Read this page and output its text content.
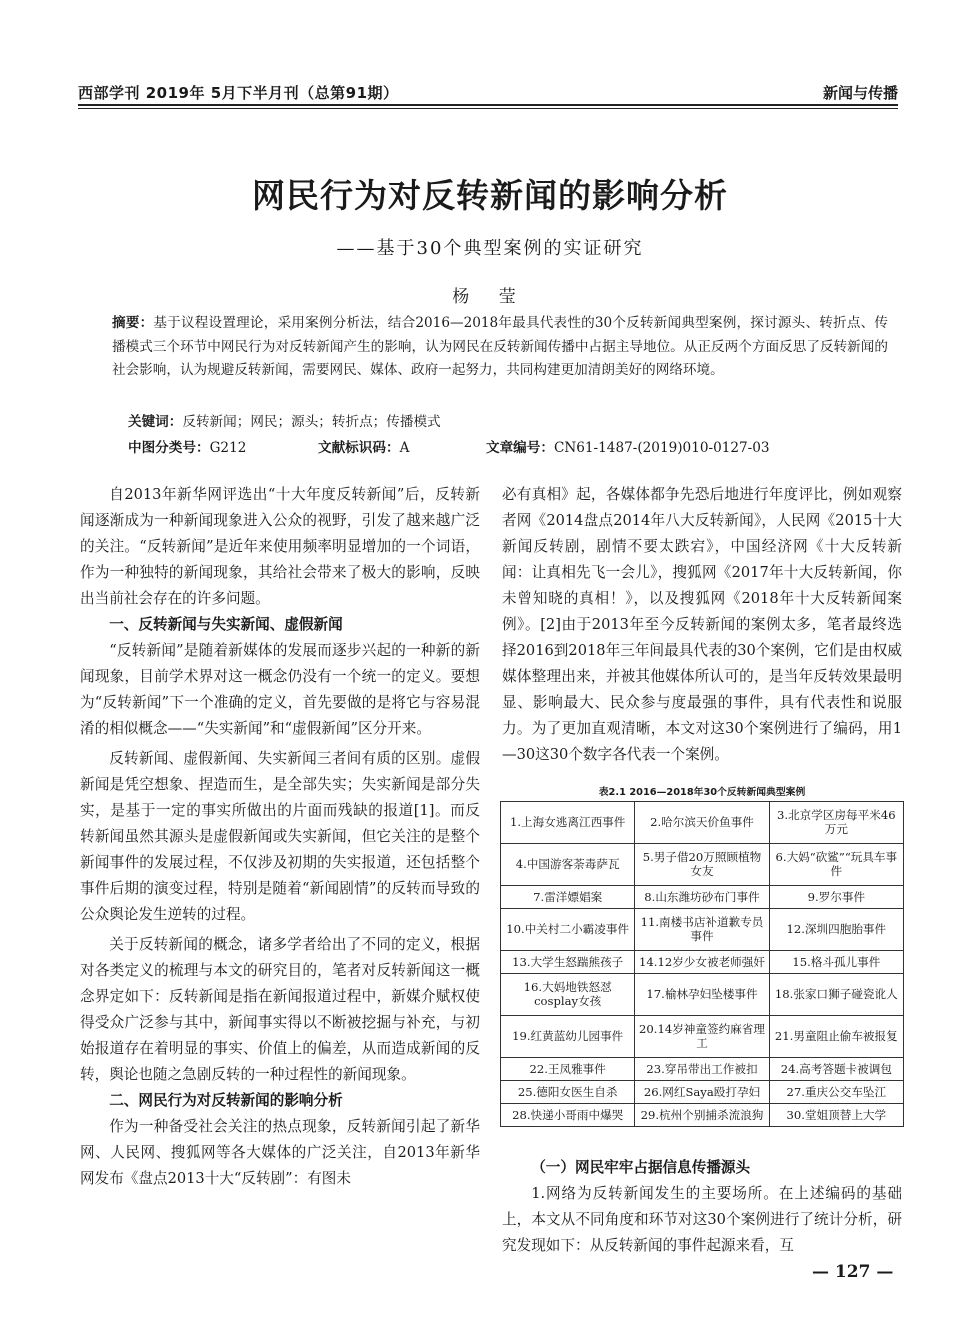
西部学刊 2019年 5月下半月刊（总第91期）	新闻与传播
网民行为对反转新闻的影响分析
——基于30个典型案例的实证研究
杨 莹
摘要：基于议程设置理论，采用案例分析法，结合2016—2018年最具代表性的30个反转新闻典型案例，探讨源头、转折点、传播模式三个环节中网民行为对反转新闻产生的影响，认为网民在反转新闻传播中占据主导地位。从正反两个方面反思了反转新闻的社会影响，认为规避反转新闻，需要网民、媒体、政府一起努力，共同构建更加清朗美好的网络环境。
关键词：反转新闻；网民；源头；转折点；传播模式
中图分类号：G212	文献标识码：A	文章编号：CN61-1487-(2019)010-0127-03

自2013年新华网评选出“十大年度反转新闻”后，反转新闻逐渐成为一种新闻现象进入公众的视野，引发了越来越广泛的关注。“反转新闻”是近年来使用频率明显增加的一个词语，作为一种独特的新闻现象，其给社会带来了极大的影响，反映出当前社会存在的许多问题。

一、反转新闻与失实新闻、虚假新闻

“反转新闻”是随着新媒体的发展而逐步兴起的一种新的新闻现象，目前学术界对这一概念仍没有一个统一的定义。要想为“反转新闻”下一个准确的定义，首先要做的是将它与容易混淆的相似概念——“失实新闻”和“虚假新闻”区分开来。

反转新闻、虚假新闻、失实新闻三者间有质的区别。虚假新闻是凭空想象、捏造而生，是全部失实；失实新闻是部分失实，是基于一定的事实所做出的片面而残缺的报道[1]。而反转新闻虽然其源头是虚假新闻或失实新闻，但它关注的是整个新闻事件的发展过程，不仅涉及初期的失实报道，还包括整个事件后期的演变过程，特别是随着“新闻剧情”的反转而导致的公众舆论发生逆转的过程。

关于反转新闻的概念，诸多学者给出了不同的定义，根据对各类定义的梳理与本文的研究目的，笔者对反转新闻这一概念界定如下：反转新闻是指在新闻报道过程中，新媒介赋权使得受众广泛参与其中，新闻事实得以不断被挖掘与补充，与初始报道存在着明显的事实、价值上的偏差，从而造成新闻的反转，舆论也随之急剧反转的一种过程性的新闻现象。

二、网民行为对反转新闻的影响分析

作为一种备受社会关注的热点现象，反转新闻引起了新华网、人民网、搜狐网等各大媒体的广泛关注，自2013年新华网发布《盘点2013十大“反转剧”：有图未

必有真相》起，各媒体都争先恐后地进行年度评比，例如观察者网《2014盘点2014年八大反转新闻》，人民网《2015十大新闻反转剧，剧情不要太跌宕》，中国经济网《十大反转新闻：让真相先飞一会儿》，搜狐网《2017年十大反转新闻，你未曾知晓的真相！》，以及搜狐网《2018年十大反转新闻案例》。[2]由于2013年至今反转新闻的案例太多，笔者最终选择2016到2018年三年间最具代表的30个案例，它们是由权威媒体整理出来，并被其他媒体所认可的，是当年反转效果最明显、影响最大、民众参与度最强的事件，具有代表性和说服力。为了更加直观清晰，本文对这30个案例进行了编码，用1—30这30个数字各代表一个案例。

表2.1 2016—2018年30个反转新闻典型案例
1.上海女逃离江西事件	2.哈尔滨天价鱼事件	3.北京学区房每平米46万元
4.中国游客荼毒萨瓦	5.男子借20万照顾植物女友	6.大妈“砍鲨”“玩具车事件
7.雷洋嫖娼案	8.山东潍坊砂布门事件	9.罗尔事件
10.中关村二小霸凌事件	11.南楼书店补道歉专员事件	12.深圳四胞胎事件
13.大学生怒踹熊孩子	14.12岁少女被老师强奸	15.格斗孤儿事件
16.大妈地铁怒怼cosplay女孩	17.榆林孕妇坠楼事件	18.张家口狮子碰瓷讹人
19.红黄蓝幼儿园事件	20.14岁神童签约麻省理工	21.男童阻止偷车被报复
22.王凤雅事件	23.穿吊带出工作被扣	24.高考答题卡被调包
25.德阳女医生自杀	26.网红Saya殴打孕妇	27.重庆公交车坠江
28.快递小哥雨中爆哭	29.杭州个别捕杀流浪狗	30.堂姐顶替上大学
（一）网民牢牢占据信息传播源头

1.网络为反转新闻发生的主要场所。在上述编码的基础上，本文从不同角度和环节对这30个案例进行了统计分析，研究发现如下：从反转新闻的事件起源来看，互

— 127 —
